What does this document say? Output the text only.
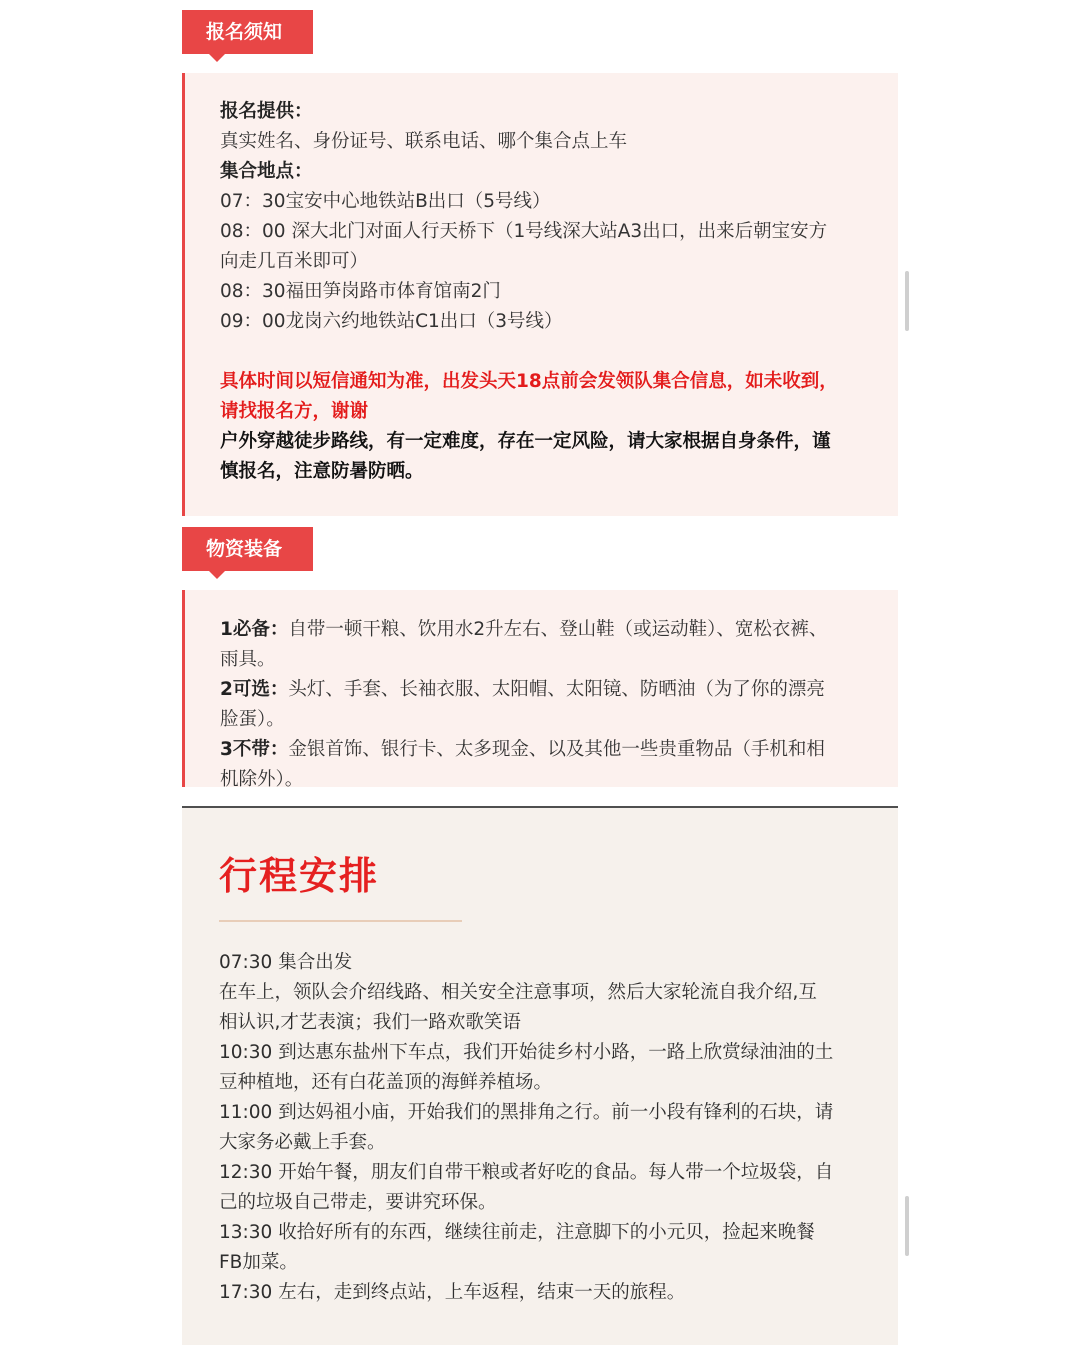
报名须知
报名提供：
真实姓名、身份证号、联系电话、哪个集合点上车
集合地点：
07：30宝安中心地铁站B出口（5号线）
08：00 深大北门对面人行天桥下（1号线深大站A3出口，出来后朝宝安方
向走几百米即可）
08：30福田笋岗路市体育馆南2门
09：00龙岗六约地铁站C1出口（3号线）
具体时间以短信通知为准，出发头天18点前会发领队集合信息，如未收到，
请找报名方，谢谢
户外穿越徒步路线，有一定难度，存在一定风险，请大家根据自身条件，谨
慎报名，注意防暑防晒。
物资装备
1必备：自带一顿干粮、饮用水2升左右、登山鞋（或运动鞋）、宽松衣裤、
雨具。
2可选：头灯、手套、长袖衣服、太阳帽、太阳镜、防晒油（为了你的漂亮
脸蛋）。
3不带：金银首饰、银行卡、太多现金、以及其他一些贵重物品（手机和相
机除外）。
行程安排
07:30 集合出发
在车上，领队会介绍线路、相关安全注意事项，然后大家轮流自我介绍,互
相认识,才艺表演；我们一路欢歌笑语
10:30 到达惠东盐州下车点，我们开始徒乡村小路，一路上欣赏绿油油的土
豆种植地，还有白花盖顶的海鲜养植场。
11:00 到达妈祖小庙，开始我们的黑排角之行。前一小段有锋利的石块，请
大家务必戴上手套。
12:30 开始午餐，朋友们自带干粮或者好吃的食品。每人带一个垃圾袋，自
己的垃圾自己带走，要讲究环保。
13:30 收拾好所有的东西，继续往前走，注意脚下的小元贝，捡起来晚餐
FB加菜。
17:30 左右，走到终点站，上车返程，结束一天的旅程。
